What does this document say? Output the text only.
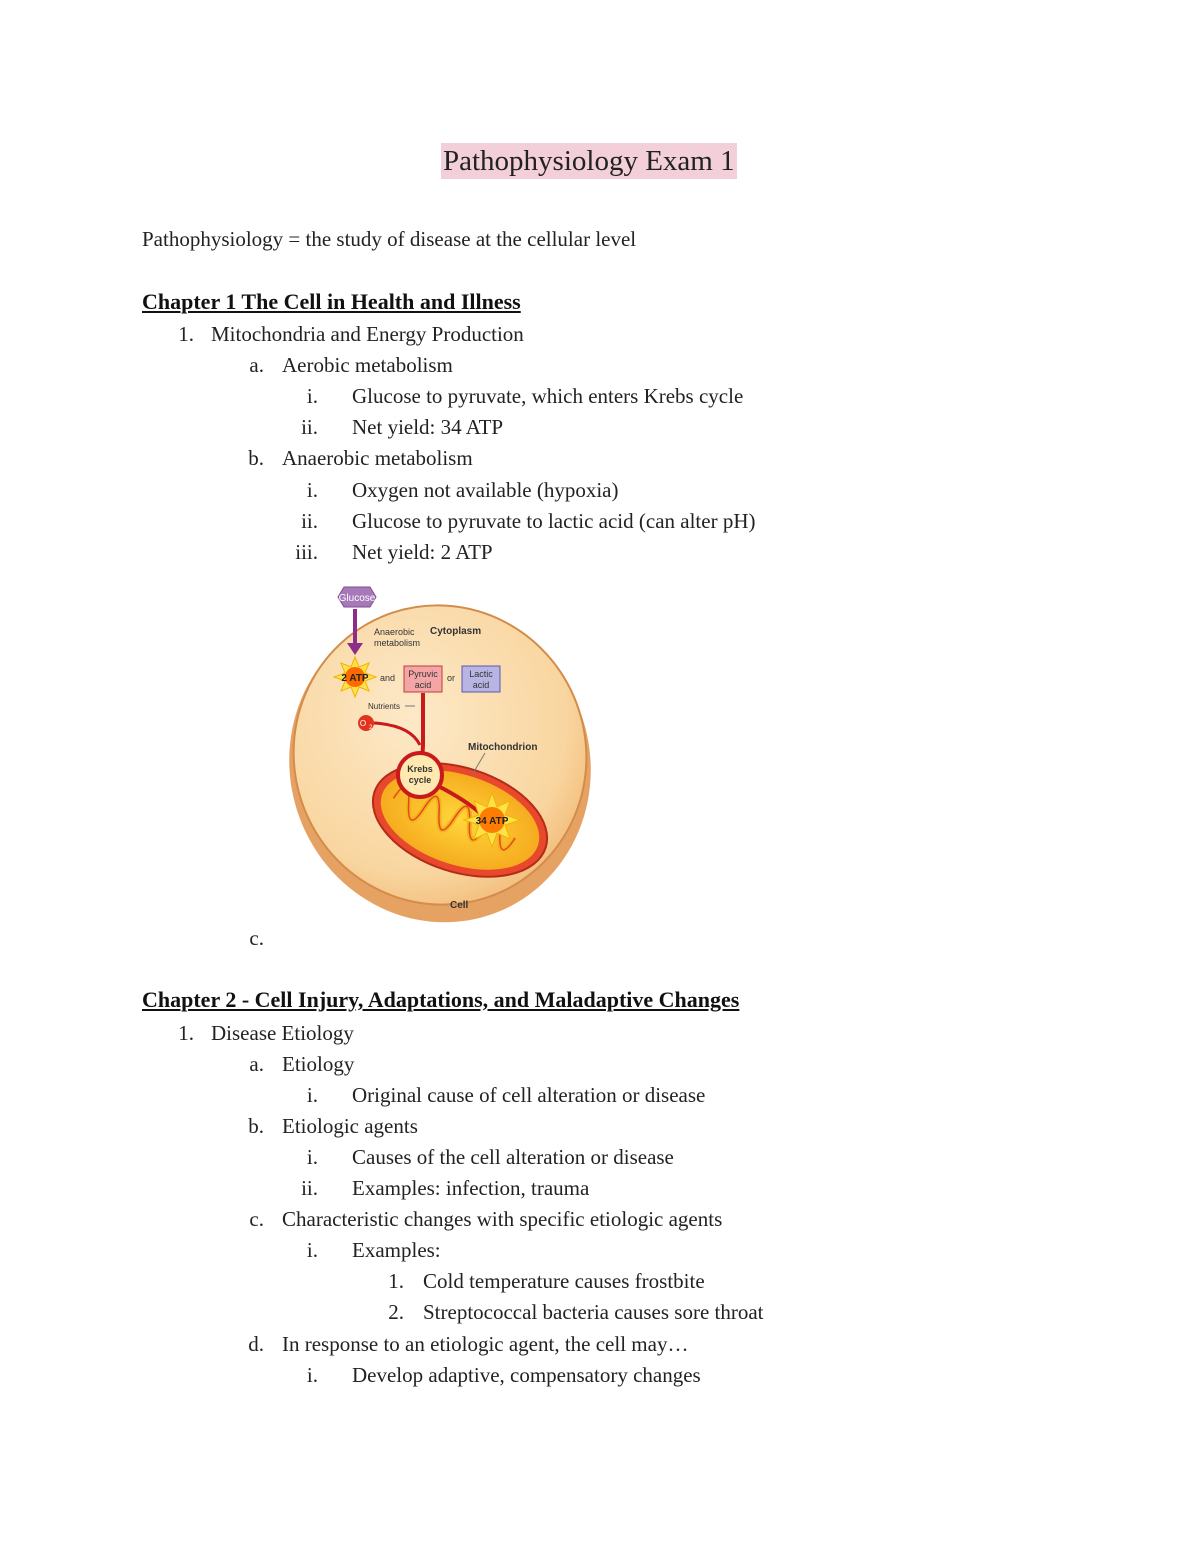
Pathophysiology Exam 1
Pathophysiology = the study of disease at the cellular level
Chapter 1 The Cell in Health and Illness
1. Mitochondria and Energy Production
a. Aerobic metabolism
i. Glucose to pyruvate, which enters Krebs cycle
ii. Net yield: 34 ATP
b. Anaerobic metabolism
i. Oxygen not available (hypoxia)
ii. Glucose to pyruvate to lactic acid (can alter pH)
iii. Net yield: 2 ATP
Glucose
Anaerobic
metabolism
Cytoplasm
2 ATP and Pyruvic
acid
or Lactic
acid
Nutrients
O 2
Krebs
cycle
34 ATP
Mitochondrion
Cell
c.
Chapter 2 - Cell Injury, Adaptations, and Maladaptive Changes
1. Disease Etiology
a. Etiology
i. Original cause of cell alteration or disease
b. Etiologic agents
i. Causes of the cell alteration or disease
ii. Examples: infection, trauma
c. Characteristic changes with specific etiologic agents
i. Examples:
1. Cold temperature causes frostbite
2. Streptococcal bacteria causes sore throat
d. In response to an etiologic agent, the cell may…
i. Develop adaptive, compensatory changes
